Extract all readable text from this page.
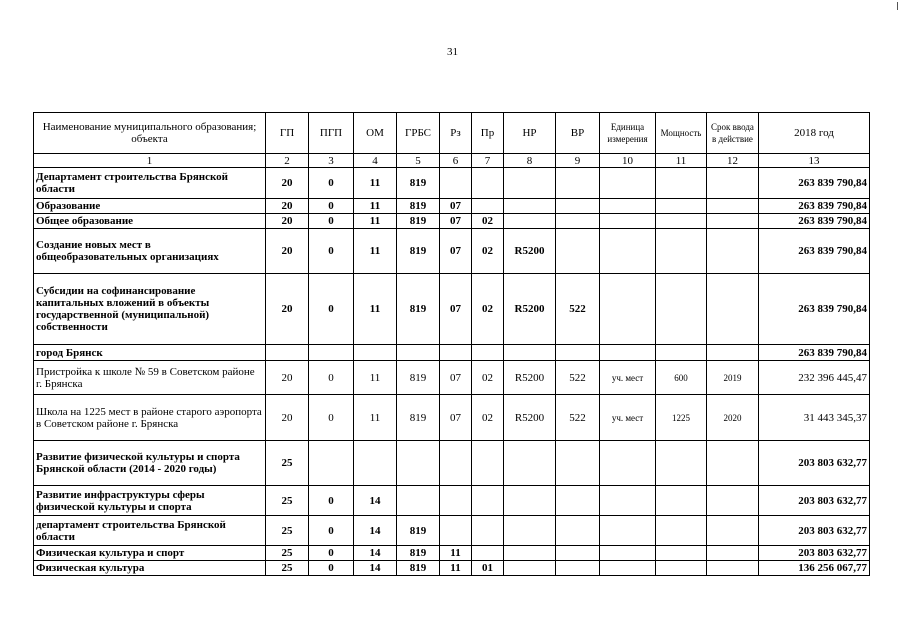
31
Наименование муниципального образования; объекта	ГП	ПГП	ОМ	ГРБС	Рз	Пр	НР	ВР	Единица измерения	Мощность	Срок ввода в действие	2018 год
1	2	3	4	5	6	7	8	9	10	11	12	13
Департамент строительства Брянской области	20	0	11	819								263 839 790,84
Образование	20	0	11	819	07							263 839 790,84
Общее образование	20	0	11	819	07	02						263 839 790,84
Создание новых мест в общеобразовательных организациях	20	0	11	819	07	02	R5200					263 839 790,84
Субсидии на софинансирование капитальных вложений в объекты государственной (муниципальной) собственности	20	0	11	819	07	02	R5200	522				263 839 790,84
город Брянск												263 839 790,84
Пристройка к школе № 59 в Советском районе г. Брянска	20	0	11	819	07	02	R5200	522	уч. мест	600	2019	232 396 445,47
Школа на 1225 мест в районе старого аэропорта в Советском районе г. Брянска	20	0	11	819	07	02	R5200	522	уч. мест	1225	2020	31 443 345,37
Развитие физической культуры и спорта Брянской области (2014 - 2020 годы)	25											203 803 632,77
Развитие инфраструктуры сферы физической культуры и спорта	25	0	14									203 803 632,77
департамент строительства Брянской области	25	0	14	819								203 803 632,77
Физическая культура и спорт	25	0	14	819	11							203 803 632,77
Физическая культура	25	0	14	819	11	01						136 256 067,77
